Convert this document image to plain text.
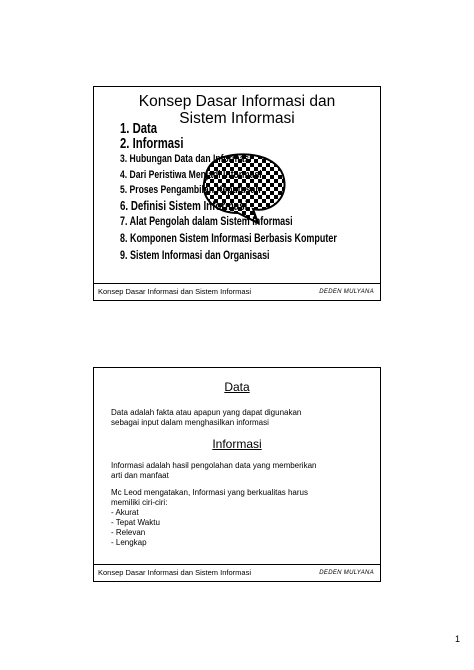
Konsep Dasar Informasi dan
Sistem Informasi
1. Data
2. Informasi
3. Hubungan Data dan Informasi
4. Dari Peristiwa Menjadi Informasi
5. Proses Pengambilan Keputusan
6. Definisi Sistem Informasi
7. Alat Pengolah dalam Sistem Informasi
8. Komponen Sistem Informasi Berbasis Komputer
9. Sistem Informasi dan Organisasi
Konsep Dasar Informasi dan Sistem Informasi	DEDEN MULYANA
Data
Data adalah fakta atau apapun yang dapat digunakan
sebagai input dalam menghasilkan informasi
Informasi
Informasi adalah hasil pengolahan data yang memberikan
arti dan manfaat
Mc Leod mengatakan, Informasi yang berkualitas harus
memiliki ciri-ciri:
- Akurat
- Tepat Waktu
- Relevan
- Lengkap
Konsep Dasar Informasi dan Sistem Informasi	DEDEN MULYANA
1
